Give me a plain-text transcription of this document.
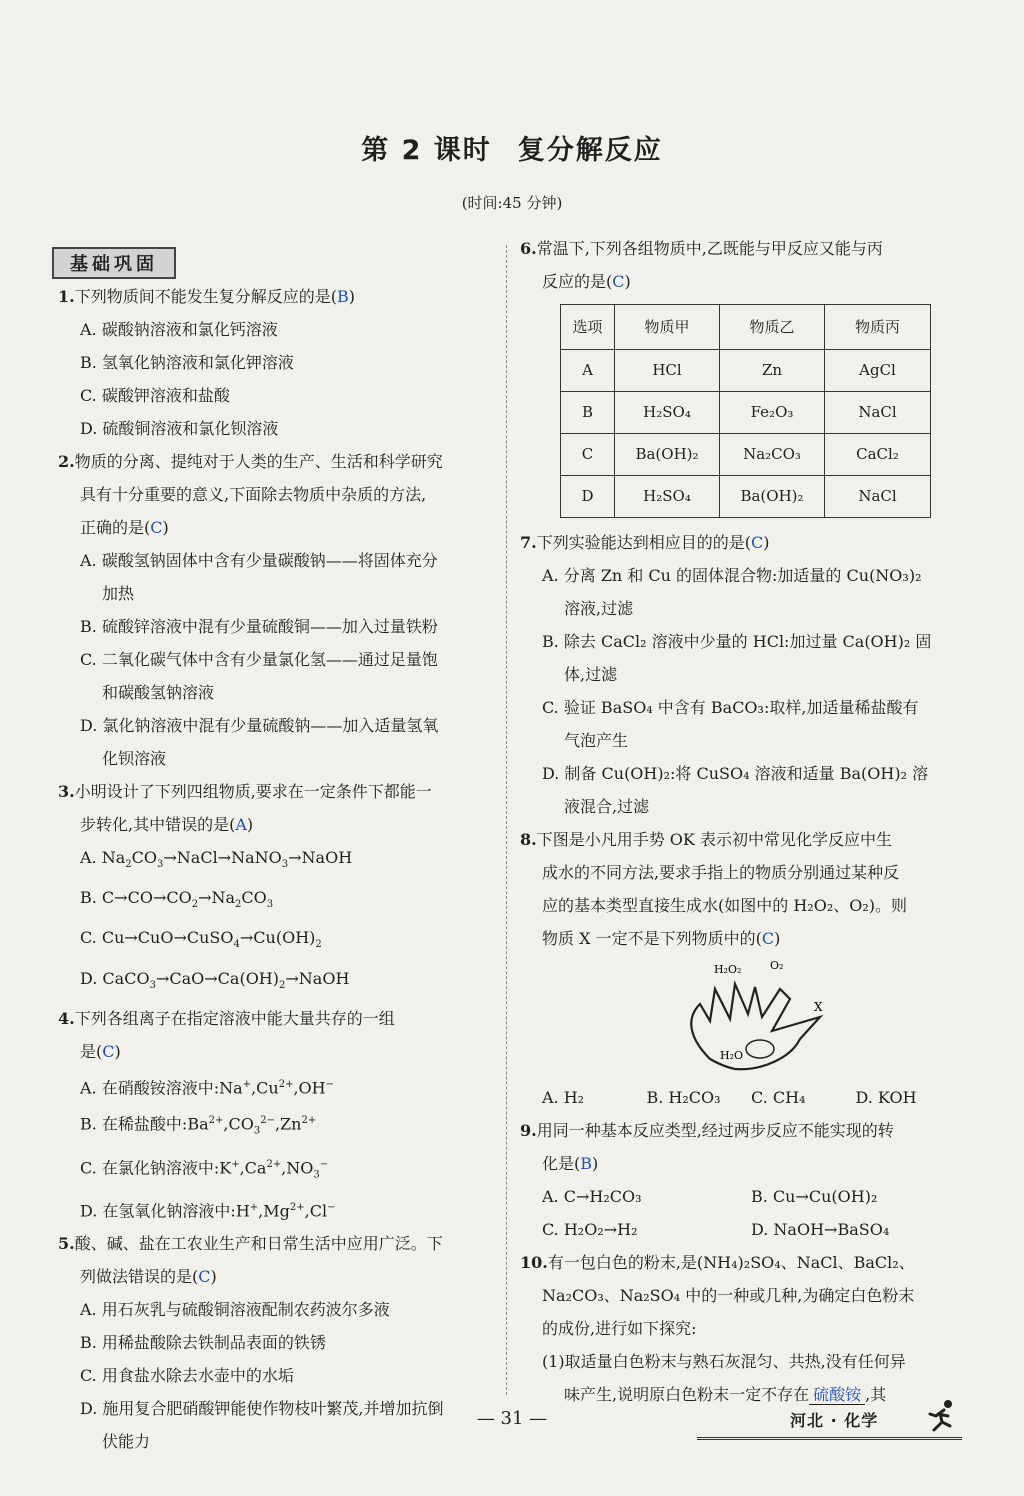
第 2 课时 复分解反应
(时间:45 分钟)
基础巩固
1.下列物质间不能发生复分解反应的是(B)
A. 碳酸钠溶液和氯化钙溶液
B. 氢氧化钠溶液和氯化钾溶液
C. 碳酸钾溶液和盐酸
D. 硫酸铜溶液和氯化钡溶液
2.物质的分离、提纯对于人类的生产、生活和科学研究
具有十分重要的意义,下面除去物质中杂质的方法,
正确的是(C)
A. 碳酸氢钠固体中含有少量碳酸钠——将固体充分
加热
B. 硫酸锌溶液中混有少量硫酸铜——加入过量铁粉
C. 二氧化碳气体中含有少量氯化氢——通过足量饱
和碳酸氢钠溶液
D. 氯化钠溶液中混有少量硫酸钠——加入适量氢氧
化钡溶液
3.小明设计了下列四组物质,要求在一定条件下都能一
步转化,其中错误的是(A)
A. $Na_2CO_3\to NaCl\to NaNO_3\to NaOH$
B. $C\to CO\to CO_2\to Na_2CO_3$
C. $Cu\to CuO\to CuSO_4\to Cu(OH)_2$
D. $CaCO_3\to CaO\to Ca(OH)_2\to NaOH$
4.下列各组离子在指定溶液中能大量共存的一组
是(C)
A. 在硝酸铵溶液中$:Na^+,Cu^{2+},OH^-$
B. 在稀盐酸中$:Ba^{2+},CO_3^{2-},Zn^{2+}$
C. 在氯化钠溶液中$:K^+,Ca^{2+},NO_3^-$
D. 在氢氧化钠溶液中$:H^+,Mg^{2+},Cl^-$
5.酸、碱、盐在工农业生产和日常生活中应用广泛。下
列做法错误的是(C)
A. 用石灰乳与硫酸铜溶液配制农药波尔多液
B. 用稀盐酸除去铁制品表面的铁锈
C. 用食盐水除去水壶中的水垢
D. 施用复合肥硝酸钾能使作物枝叶繁茂,并增加抗倒
伏能力
6.常温下,下列各组物质中,乙既能与甲反应又能与丙
反应的是(C)
选项	物质甲	物质乙	物质丙
A	HCl	Zn	AgCl
B	H₂SO₄	Fe₂O₃	NaCl
C	Ba(OH)₂	Na₂CO₃	CaCl₂
D	H₂SO₄	Ba(OH)₂	NaCl
7.下列实验能达到相应目的的是(C)
A. 分离 Zn 和 Cu 的固体混合物:加适量的 Cu(NO₃)₂
溶液,过滤
B. 除去 CaCl₂ 溶液中少量的 HCl:加过量 Ca(OH)₂ 固
体,过滤
C. 验证 BaSO₄ 中含有 BaCO₃:取样,加适量稀盐酸有
气泡产生
D. 制备 Cu(OH)₂:将 CuSO₄ 溶液和适量 Ba(OH)₂ 溶
液混合,过滤
8.下图是小凡用手势 OK 表示初中常见化学反应中生
成水的不同方法,要求手指上的物质分别通过某种反
应的基本类型直接生成水(如图中的 H₂O₂、O₂)。则
物质 X 一定不是下列物质中的(C)
H₂O₂	O₂
X
H₂O
A. H₂	B. H₂CO₃	C. CH₄	D. KOH
9.用同一种基本反应类型,经过两步反应不能实现的转
化是(B)
A. C→H₂CO₃	B. Cu→Cu(OH)₂
C. H₂O₂→H₂	D. NaOH→BaSO₄
10.有一包白色的粉末,是(NH₄)₂SO₄、NaCl、BaCl₂、
Na₂CO₃、Na₂SO₄ 中的一种或几种,为确定白色粉末
的成份,进行如下探究:
(1)取适量白色粉末与熟石灰混匀、共热,没有任何异
味产生,说明原白色粉末一定不存在 硫酸铵 ,其
— 31 —	河北 · 化学
